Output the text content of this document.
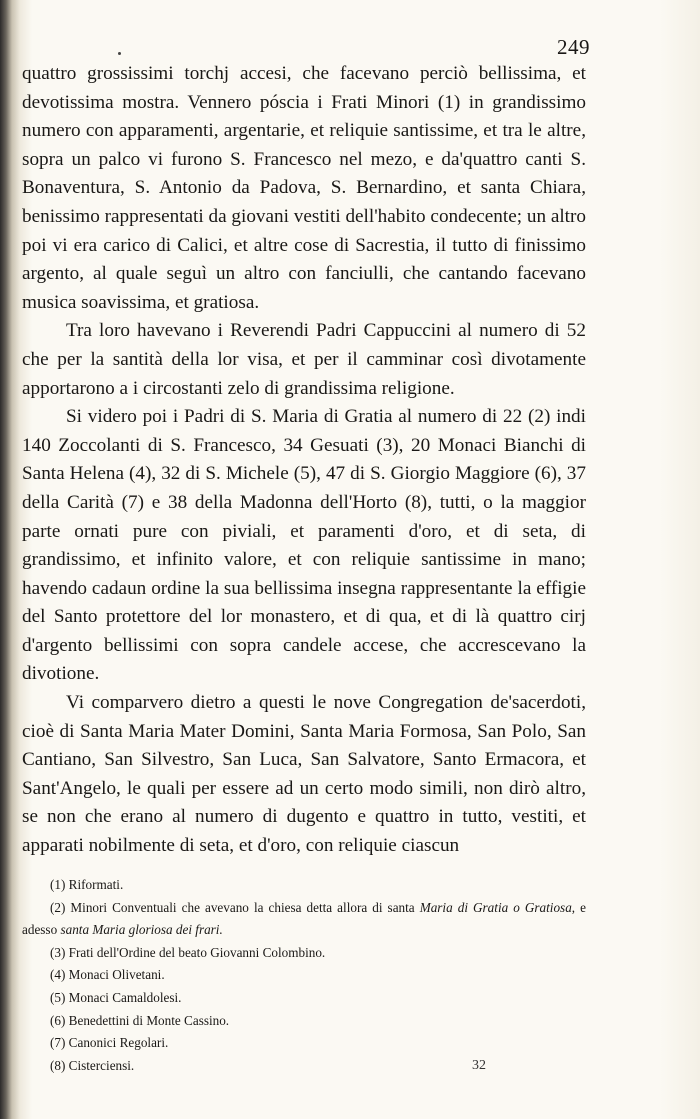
249

quattro grossissimi torchj accesi, che facevano perciò bellissima, et devotissima mostra. Vennero póscia i Frati Minori (1) in grandissimo numero con apparamenti, argentarie, et reliquie santissime, et tra le altre, sopra un palco vi furono S. Francesco nel mezo, e da'quattro canti S. Bonaventura, S. Antonio da Padova, S. Bernardino, et santa Chiara, benissimo rappresentati da giovani vestiti dell'habito condecente; un altro poi vi era carico di Calici, et altre cose di Sacrestia, il tutto di finissimo argento, al quale seguì un altro con fanciulli, che cantando facevano musica soavissima, et gratiosa.

Tra loro havevano i Reverendi Padri Cappuccini al numero di 52 che per la santità della lor visa, et per il camminar così divotamente apportarono a i circostanti zelo di grandissima religione.

Si videro poi i Padri di S. Maria di Gratia al numero di 22 (2) indi 140 Zoccolanti di S. Francesco, 34 Gesuati (3), 20 Monaci Bianchi di Santa Helena (4), 32 di S. Michele (5), 47 di S. Giorgio Maggiore (6), 37 della Carità (7) e 38 della Madonna dell'Horto (8), tutti, o la maggior parte ornati pure con piviali, et paramenti d'oro, et di seta, di grandissimo, et infinito valore, et con reliquie santissime in mano; havendo cadaun ordine la sua bellissima insegna rappresentante la effigie del Santo protettore del lor monastero, et di qua, et di là quattro cirj d'argento bellissimi con sopra candele accese, che accrescevano la divotione.

Vi comparvero dietro a questi le nove Congregation de'sacerdoti, cioè di Santa Maria Mater Domini, Santa Maria Formosa, San Polo, San Cantiano, San Silvestro, San Luca, San Salvatore, Santo Ermacora, et Sant'Angelo, le quali per essere ad un certo modo simili, non dirò altro, se non che erano al numero di dugento e quattro in tutto, vestiti, et apparati nobilmente di seta, et d'oro, con reliquie ciascun

(1) Riformati.

(2) Minori Conventuali che avevano la chiesa detta allora di santa Maria di Gratia o Gratiosa, e adesso santa Maria gloriosa dei frari.

(3) Frati dell'Ordine del beato Giovanni Colombino.

(4) Monaci Olivetani.

(5) Monaci Camaldolesi.

(6) Benedettini di Monte Cassino.

(7) Canonici Regolari.

(8) Cisterciensi.	32
